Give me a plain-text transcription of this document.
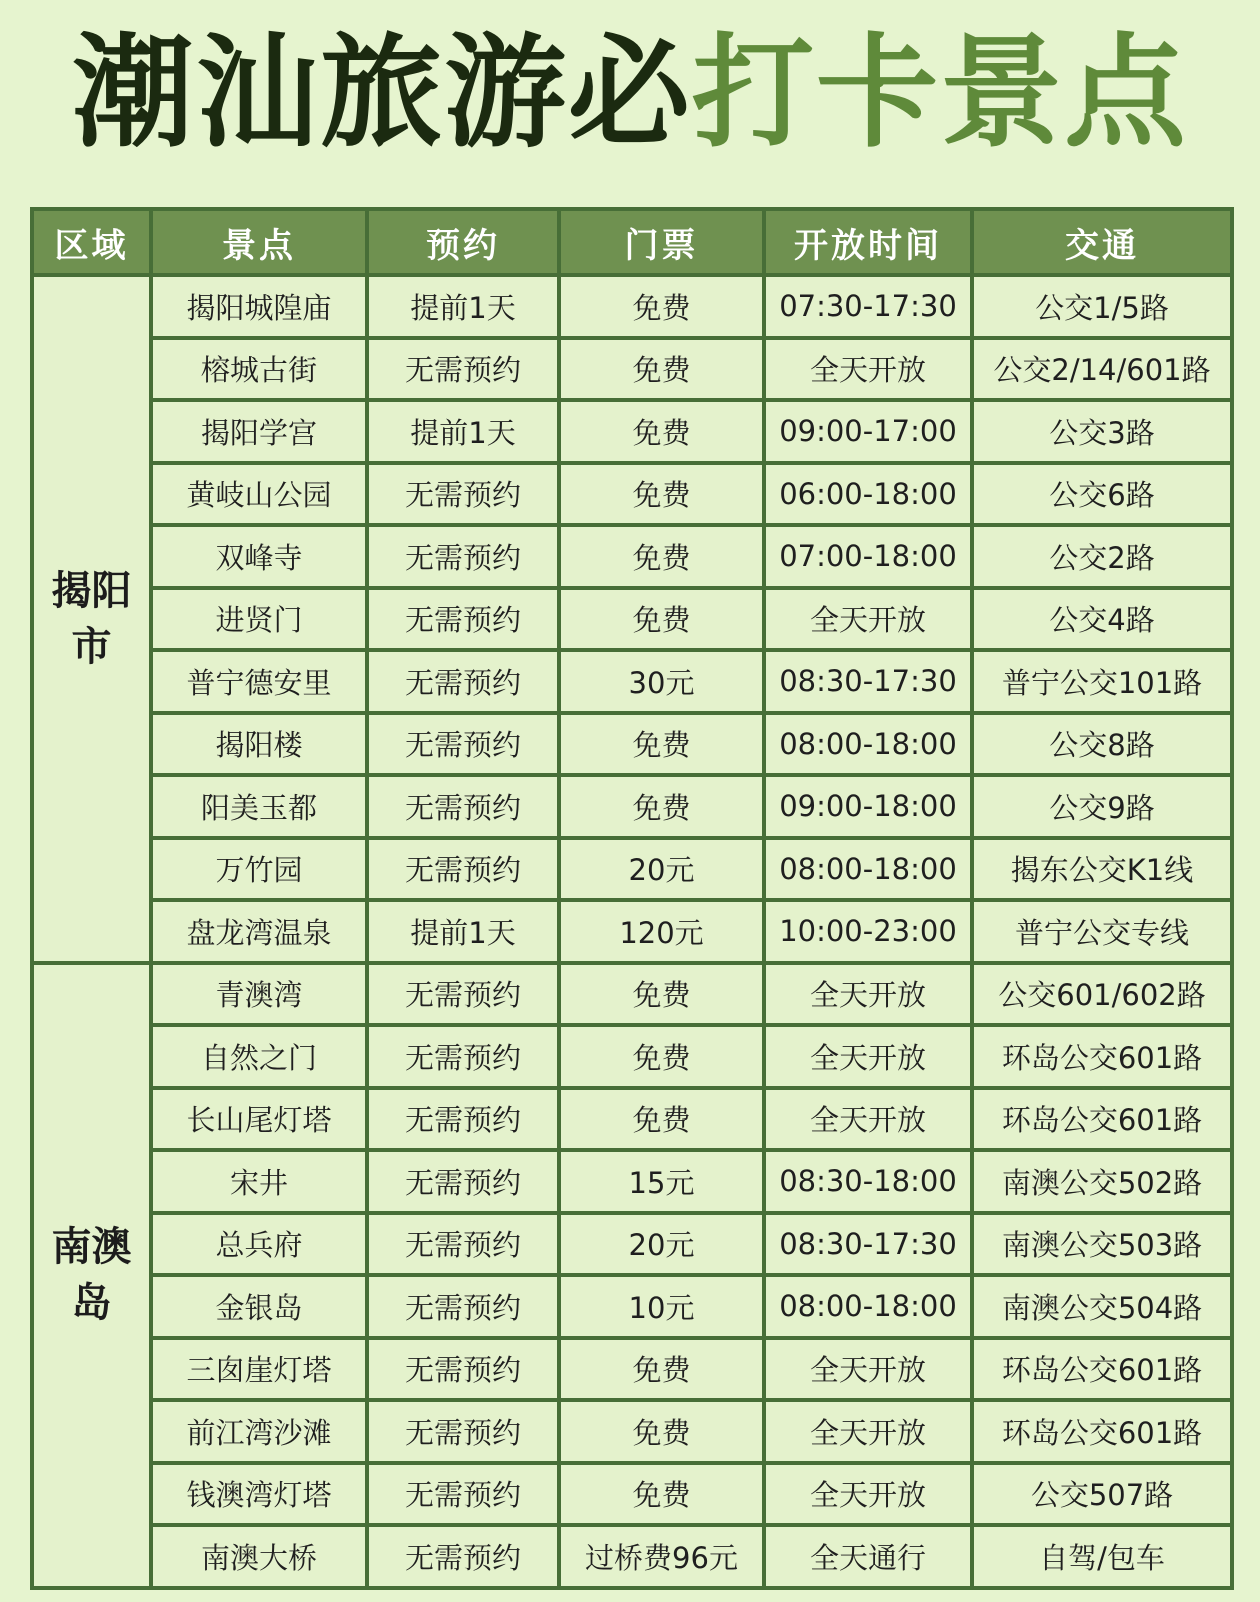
潮汕旅游必打卡景点
区域	景点	预约	门票	开放时间	交通
揭阳市	揭阳城隍庙	提前1天	免费	07:30-17:30	公交1/5路
	榕城古街	无需预约	免费	全天开放	公交2/14/601路
	揭阳学宫	提前1天	免费	09:00-17:00	公交3路
	黄岐山公园	无需预约	免费	06:00-18:00	公交6路
	双峰寺	无需预约	免费	07:00-18:00	公交2路
	进贤门	无需预约	免费	全天开放	公交4路
	普宁德安里	无需预约	30元	08:30-17:30	普宁公交101路
	揭阳楼	无需预约	免费	08:00-18:00	公交8路
	阳美玉都	无需预约	免费	09:00-18:00	公交9路
	万竹园	无需预约	20元	08:00-18:00	揭东公交K1线
	盘龙湾温泉	提前1天	120元	10:00-23:00	普宁公交专线
南澳岛	青澳湾	无需预约	免费	全天开放	公交601/602路
	自然之门	无需预约	免费	全天开放	环岛公交601路
	长山尾灯塔	无需预约	免费	全天开放	环岛公交601路
	宋井	无需预约	15元	08:30-18:00	南澳公交502路
	总兵府	无需预约	20元	08:30-17:30	南澳公交503路
	金银岛	无需预约	10元	08:00-18:00	南澳公交504路
	三囱崖灯塔	无需预约	免费	全天开放	环岛公交601路
	前江湾沙滩	无需预约	免费	全天开放	环岛公交601路
	钱澳湾灯塔	无需预约	免费	全天开放	公交507路
	南澳大桥	无需预约	过桥费96元	全天通行	自驾/包车
